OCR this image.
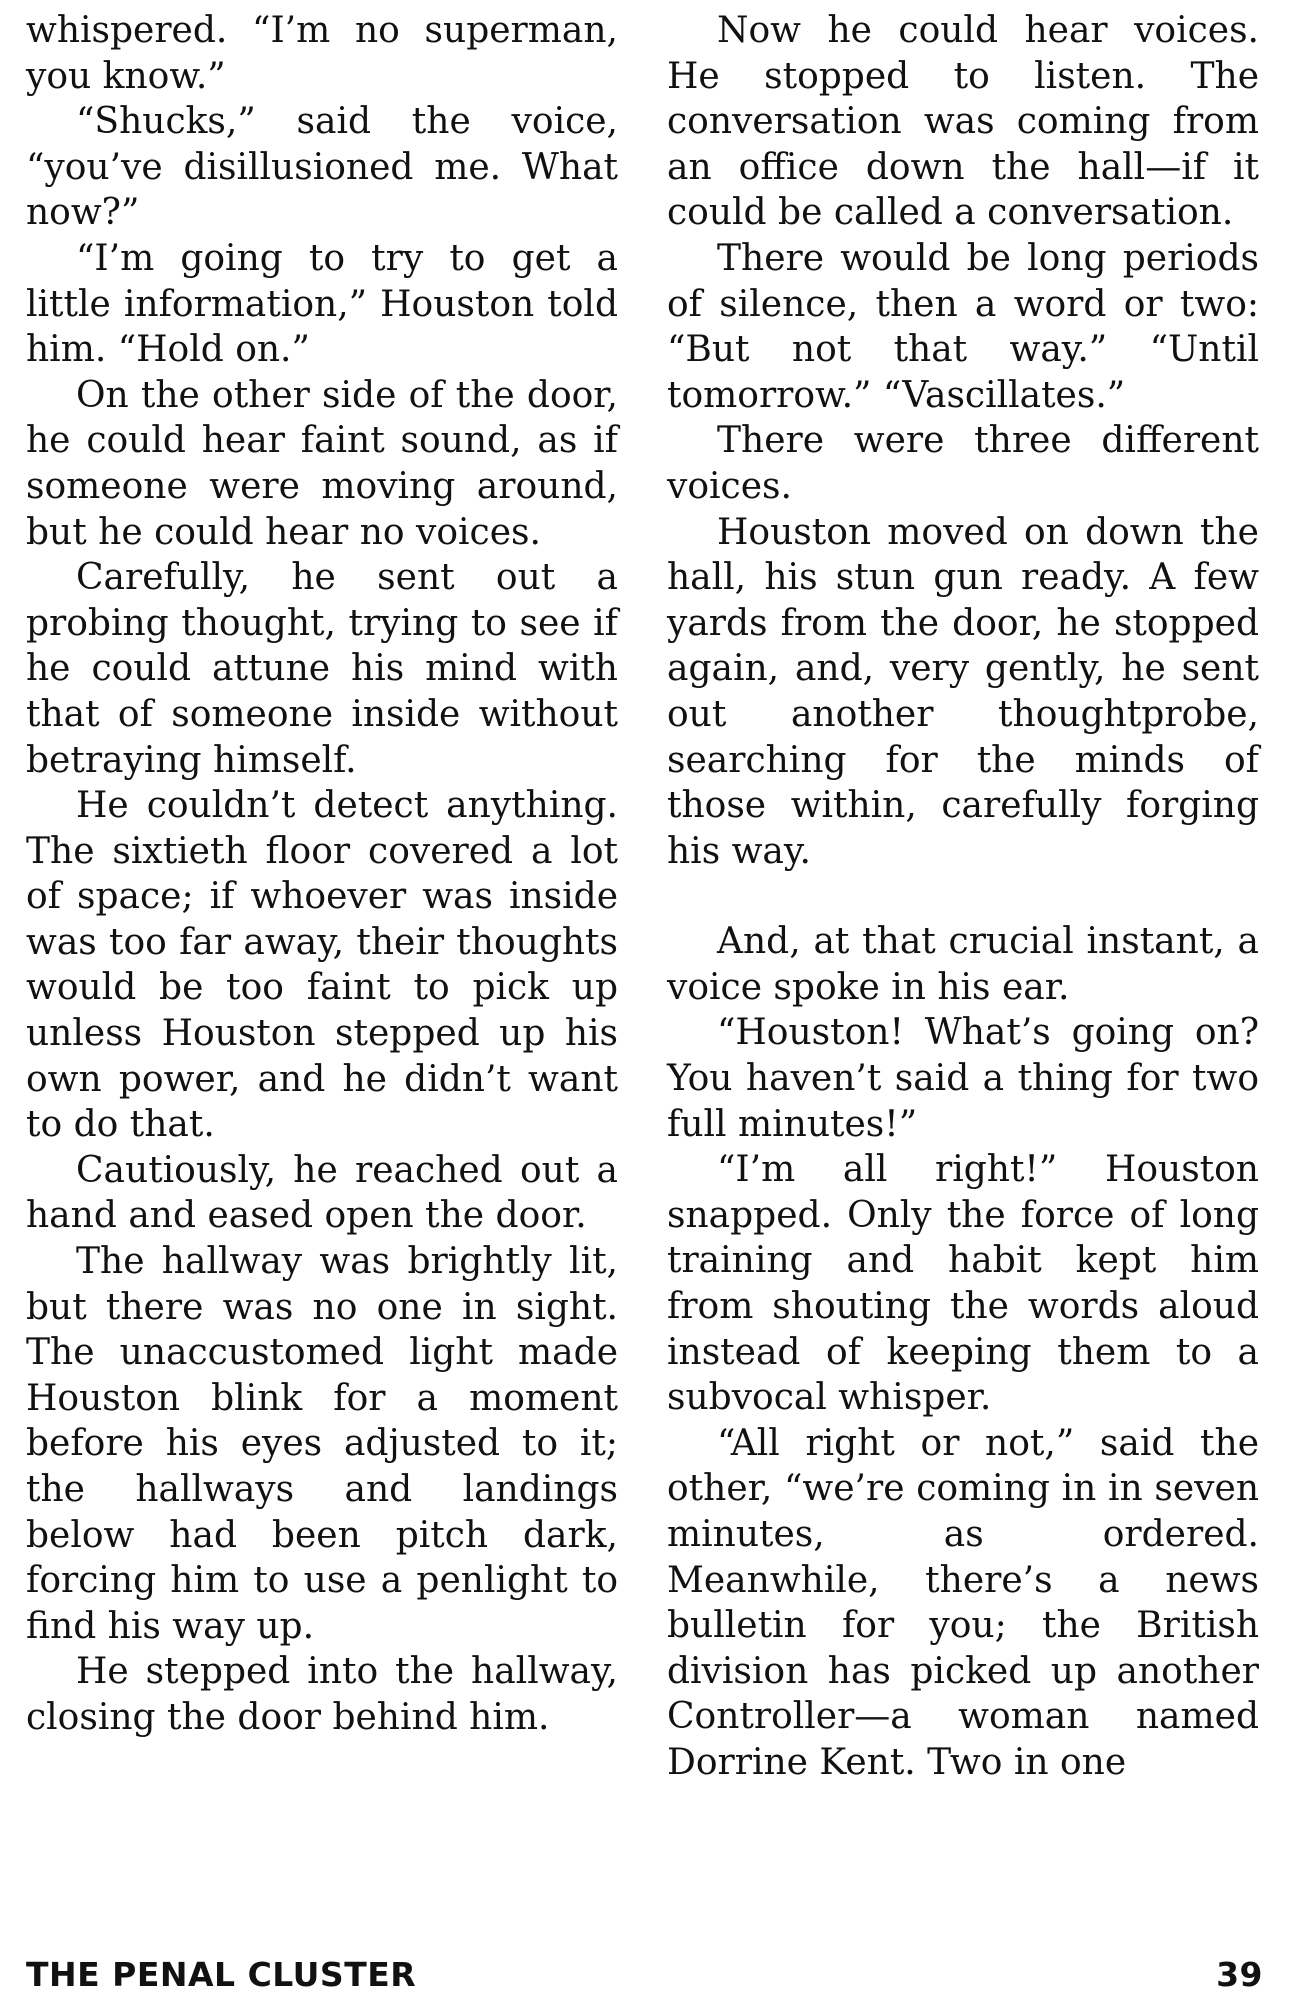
whispered. “I’m no superman, you know.”

“Shucks,” said the voice, “you’ve disillusioned me. What now?”

“I’m going to try to get a little information,” Houston told him. “Hold on.”

On the other side of the door, he could hear faint sound, as if someone were moving around, but he could hear no voices.

Carefully, he sent out a probing thought, trying to see if he could attune his mind with that of someone inside without betraying himself.

He couldn’t detect anything. The sixtieth floor covered a lot of space; if whoever was inside was too far away, their thoughts would be too faint to pick up unless Houston stepped up his own power, and he didn’t want to do that.

Cautiously, he reached out a hand and eased open the door.

The hallway was brightly lit, but there was no one in sight. The unaccustomed light made Houston blink for a moment before his eyes adjusted to it; the hallways and landings below had been pitch dark, forcing him to use a penlight to find his way up.

He stepped into the hallway, closing the door behind him.

Now he could hear voices. He stopped to listen. The conversation was coming from an office down the hall—if it could be called a conversation.

There would be long periods of silence, then a word or two: “But not that way.” “Until tomorrow.” “Vascillates.”

There were three different voices.

Houston moved on down the hall, his stun gun ready. A few yards from the door, he stopped again, and, very gently, he sent out another thoughtprobe, searching for the minds of those within, carefully forging his way.

And, at that crucial instant, a voice spoke in his ear.

“Houston! What’s going on? You haven’t said a thing for two full minutes!”

“I’m all right!” Houston snapped. Only the force of long training and habit kept him from shouting the words aloud instead of keeping them to a subvocal whisper.

“All right or not,” said the other, “we’re coming in in seven minutes, as ordered. Meanwhile, there’s a news bulletin for you; the British division has picked up another Controller—a woman named Dorrine Kent. Two in one

THE PENAL CLUSTER	39
